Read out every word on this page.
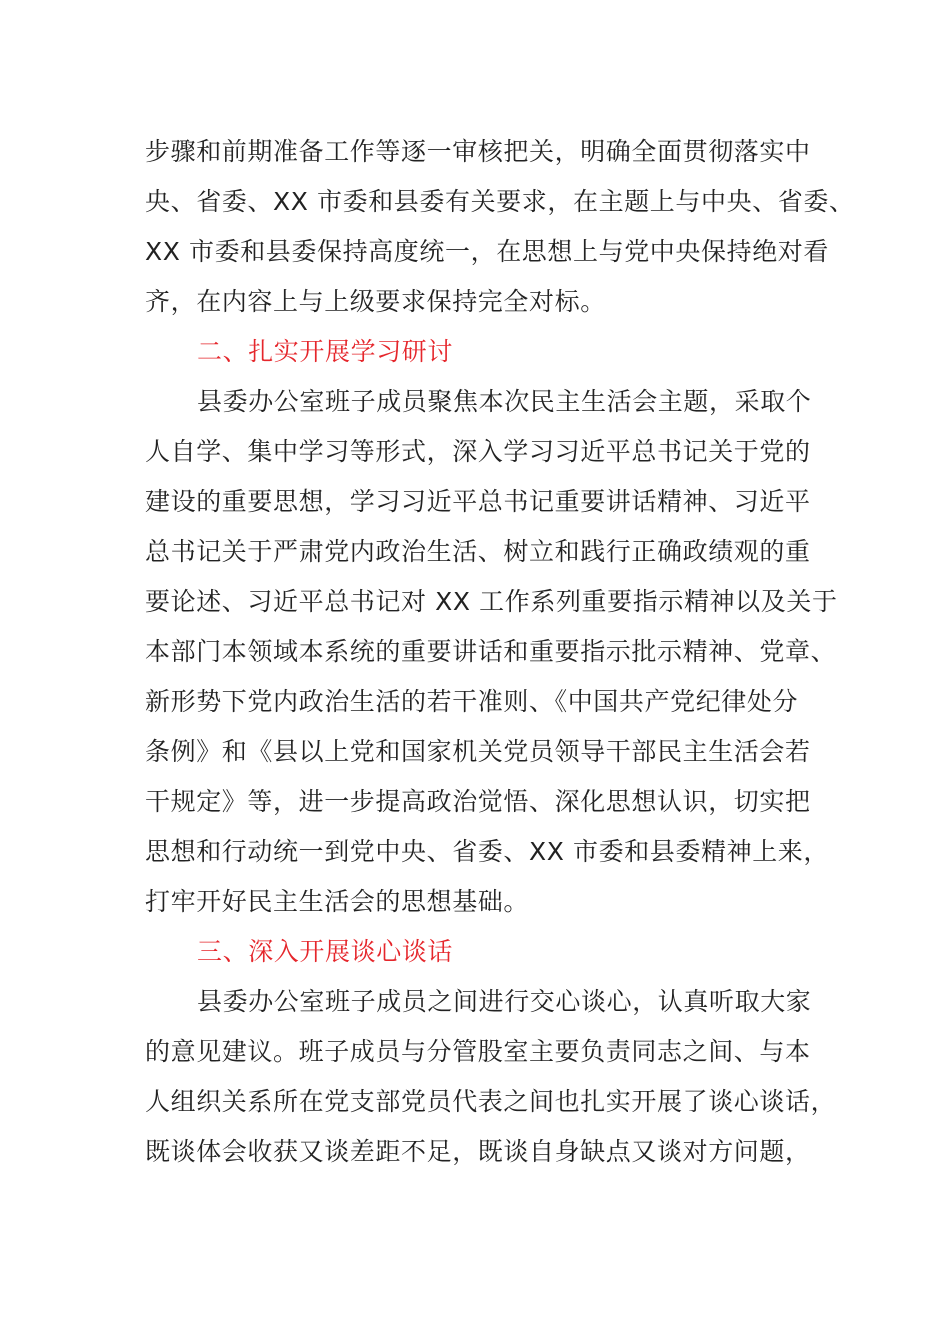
步骤和前期准备工作等逐一审核把关，明确全面贯彻落实中
央、省委、XX 市委和县委有关要求，在主题上与中央、省委、
XX 市委和县委保持高度统一，在思想上与党中央保持绝对看
齐，在内容上与上级要求保持完全对标。
二、扎实开展学习研讨
县委办公室班子成员聚焦本次民主生活会主题，采取个
人自学、集中学习等形式，深入学习习近平总书记关于党的
建设的重要思想，学习习近平总书记重要讲话精神、习近平
总书记关于严肃党内政治生活、树立和践行正确政绩观的重
要论述、习近平总书记对 XX 工作系列重要指示精神以及关于
本部门本领域本系统的重要讲话和重要指示批示精神、党章、
新形势下党内政治生活的若干准则、《中国共产党纪律处分
条例》和《县以上党和国家机关党员领导干部民主生活会若
干规定》等，进一步提高政治觉悟、深化思想认识，切实把
思想和行动统一到党中央、省委、XX 市委和县委精神上来，
打牢开好民主生活会的思想基础。
三、深入开展谈心谈话
县委办公室班子成员之间进行交心谈心，认真听取大家
的意见建议。班子成员与分管股室主要负责同志之间、与本
人组织关系所在党支部党员代表之间也扎实开展了谈心谈话，
既谈体会收获又谈差距不足，既谈自身缺点又谈对方问题，
